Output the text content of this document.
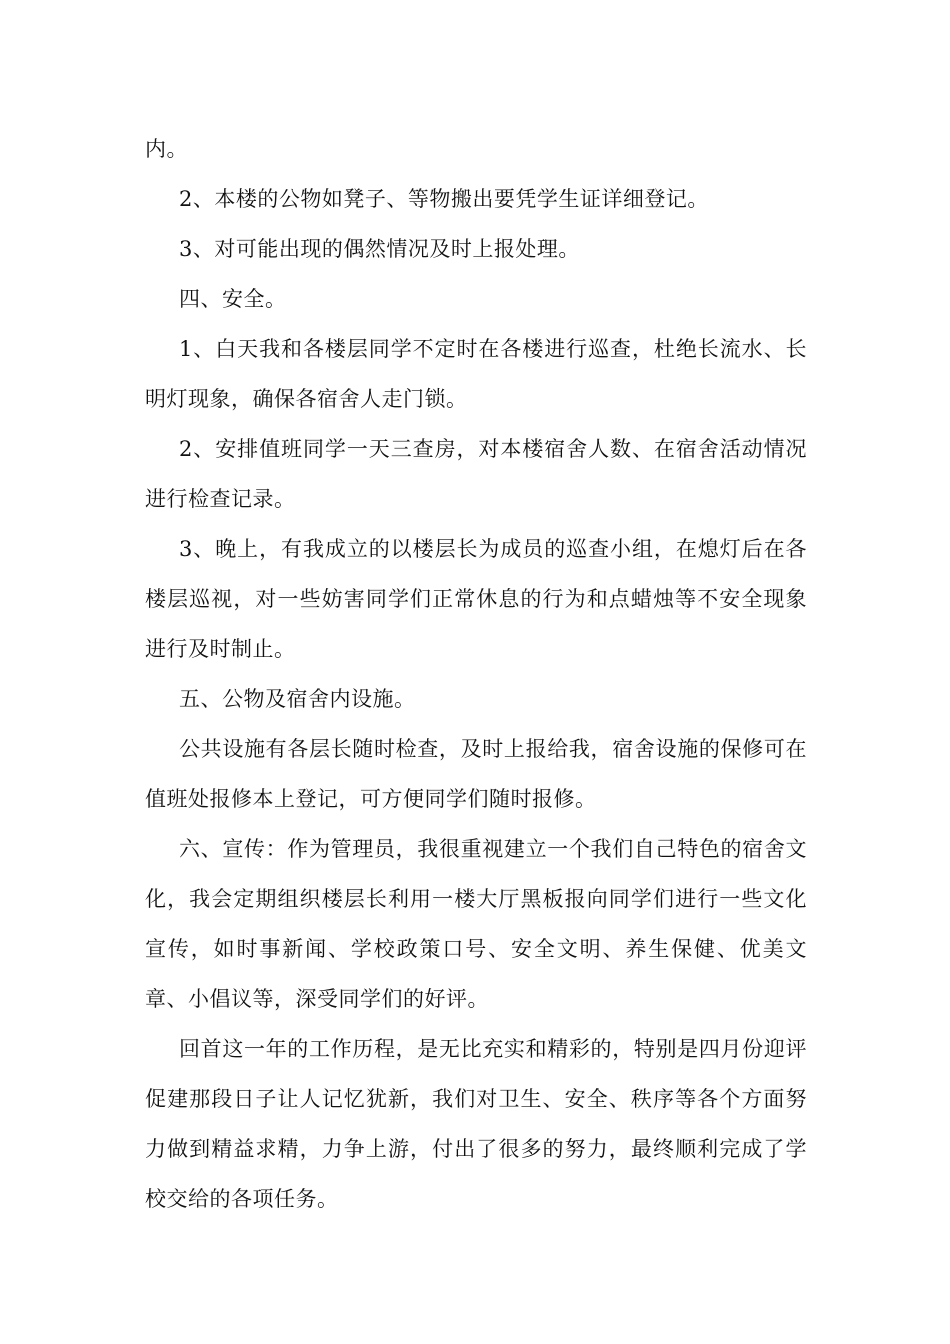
内。

2、本楼的公物如凳子、等物搬出要凭学生证详细登记。

3、对可能出现的偶然情况及时上报处理。

四、安全。

1、白天我和各楼层同学不定时在各楼进行巡查，杜绝长流水、长明灯现象，确保各宿舍人走门锁。

2、安排值班同学一天三查房，对本楼宿舍人数、在宿舍活动情况进行检查记录。

3、晚上，有我成立的以楼层长为成员的巡查小组，在熄灯后在各楼层巡视，对一些妨害同学们正常休息的行为和点蜡烛等不安全现象进行及时制止。

五、公物及宿舍内设施。

公共设施有各层长随时检查，及时上报给我，宿舍设施的保修可在值班处报修本上登记，可方便同学们随时报修。

六、宣传：作为管理员，我很重视建立一个我们自己特色的宿舍文化，我会定期组织楼层长利用一楼大厅黑板报向同学们进行一些文化宣传，如时事新闻、学校政策口号、安全文明、养生保健、优美文章、小倡议等，深受同学们的好评。

回首这一年的工作历程，是无比充实和精彩的，特别是四月份迎评促建那段日子让人记忆犹新，我们对卫生、安全、秩序等各个方面努力做到精益求精，力争上游，付出了很多的努力，最终顺利完成了学校交给的各项任务。
